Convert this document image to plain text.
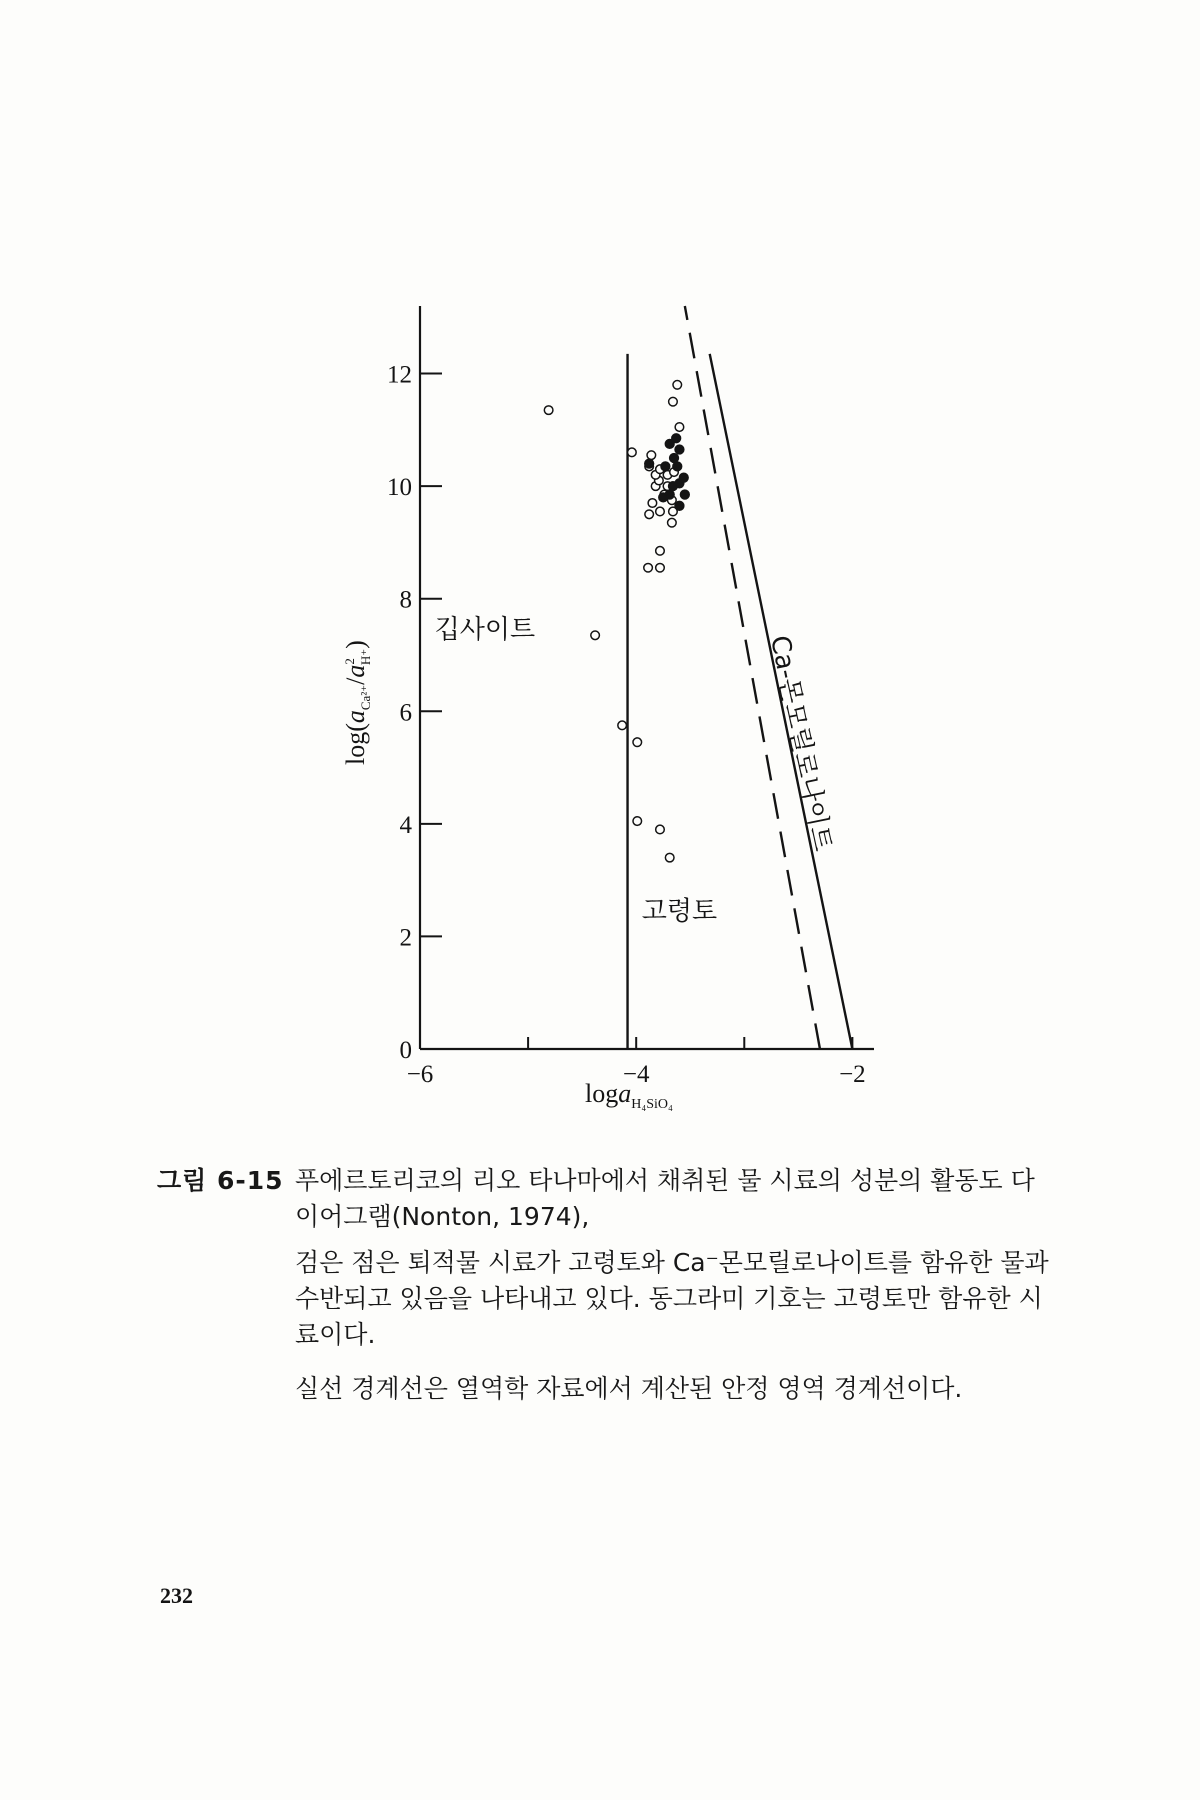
0
2
4
6
8
10
12
−6	−4	−2
깁사이트
고령토
Ca-몬모릴로나이트
loga$_{H_4SiO_4}$
$\log(a_{Ca^{2+}}/a^2H^+)$
그림 6-15 푸에르토리코의 리오 타나마에서 채취된 물 시료의 성분의 활동도 다이어그램(Nonton, 1974),
검은 점은 퇴적물 시료가 고령토와 Ca⁻몬모릴로나이트를 함유한 물과 수반되고 있음을 나타내고 있다. 동그라미 기호는 고령토만 함유한 시료이다.
실선 경계선은 열역학 자료에서 계산된 안정 영역 경계선이다.
232
